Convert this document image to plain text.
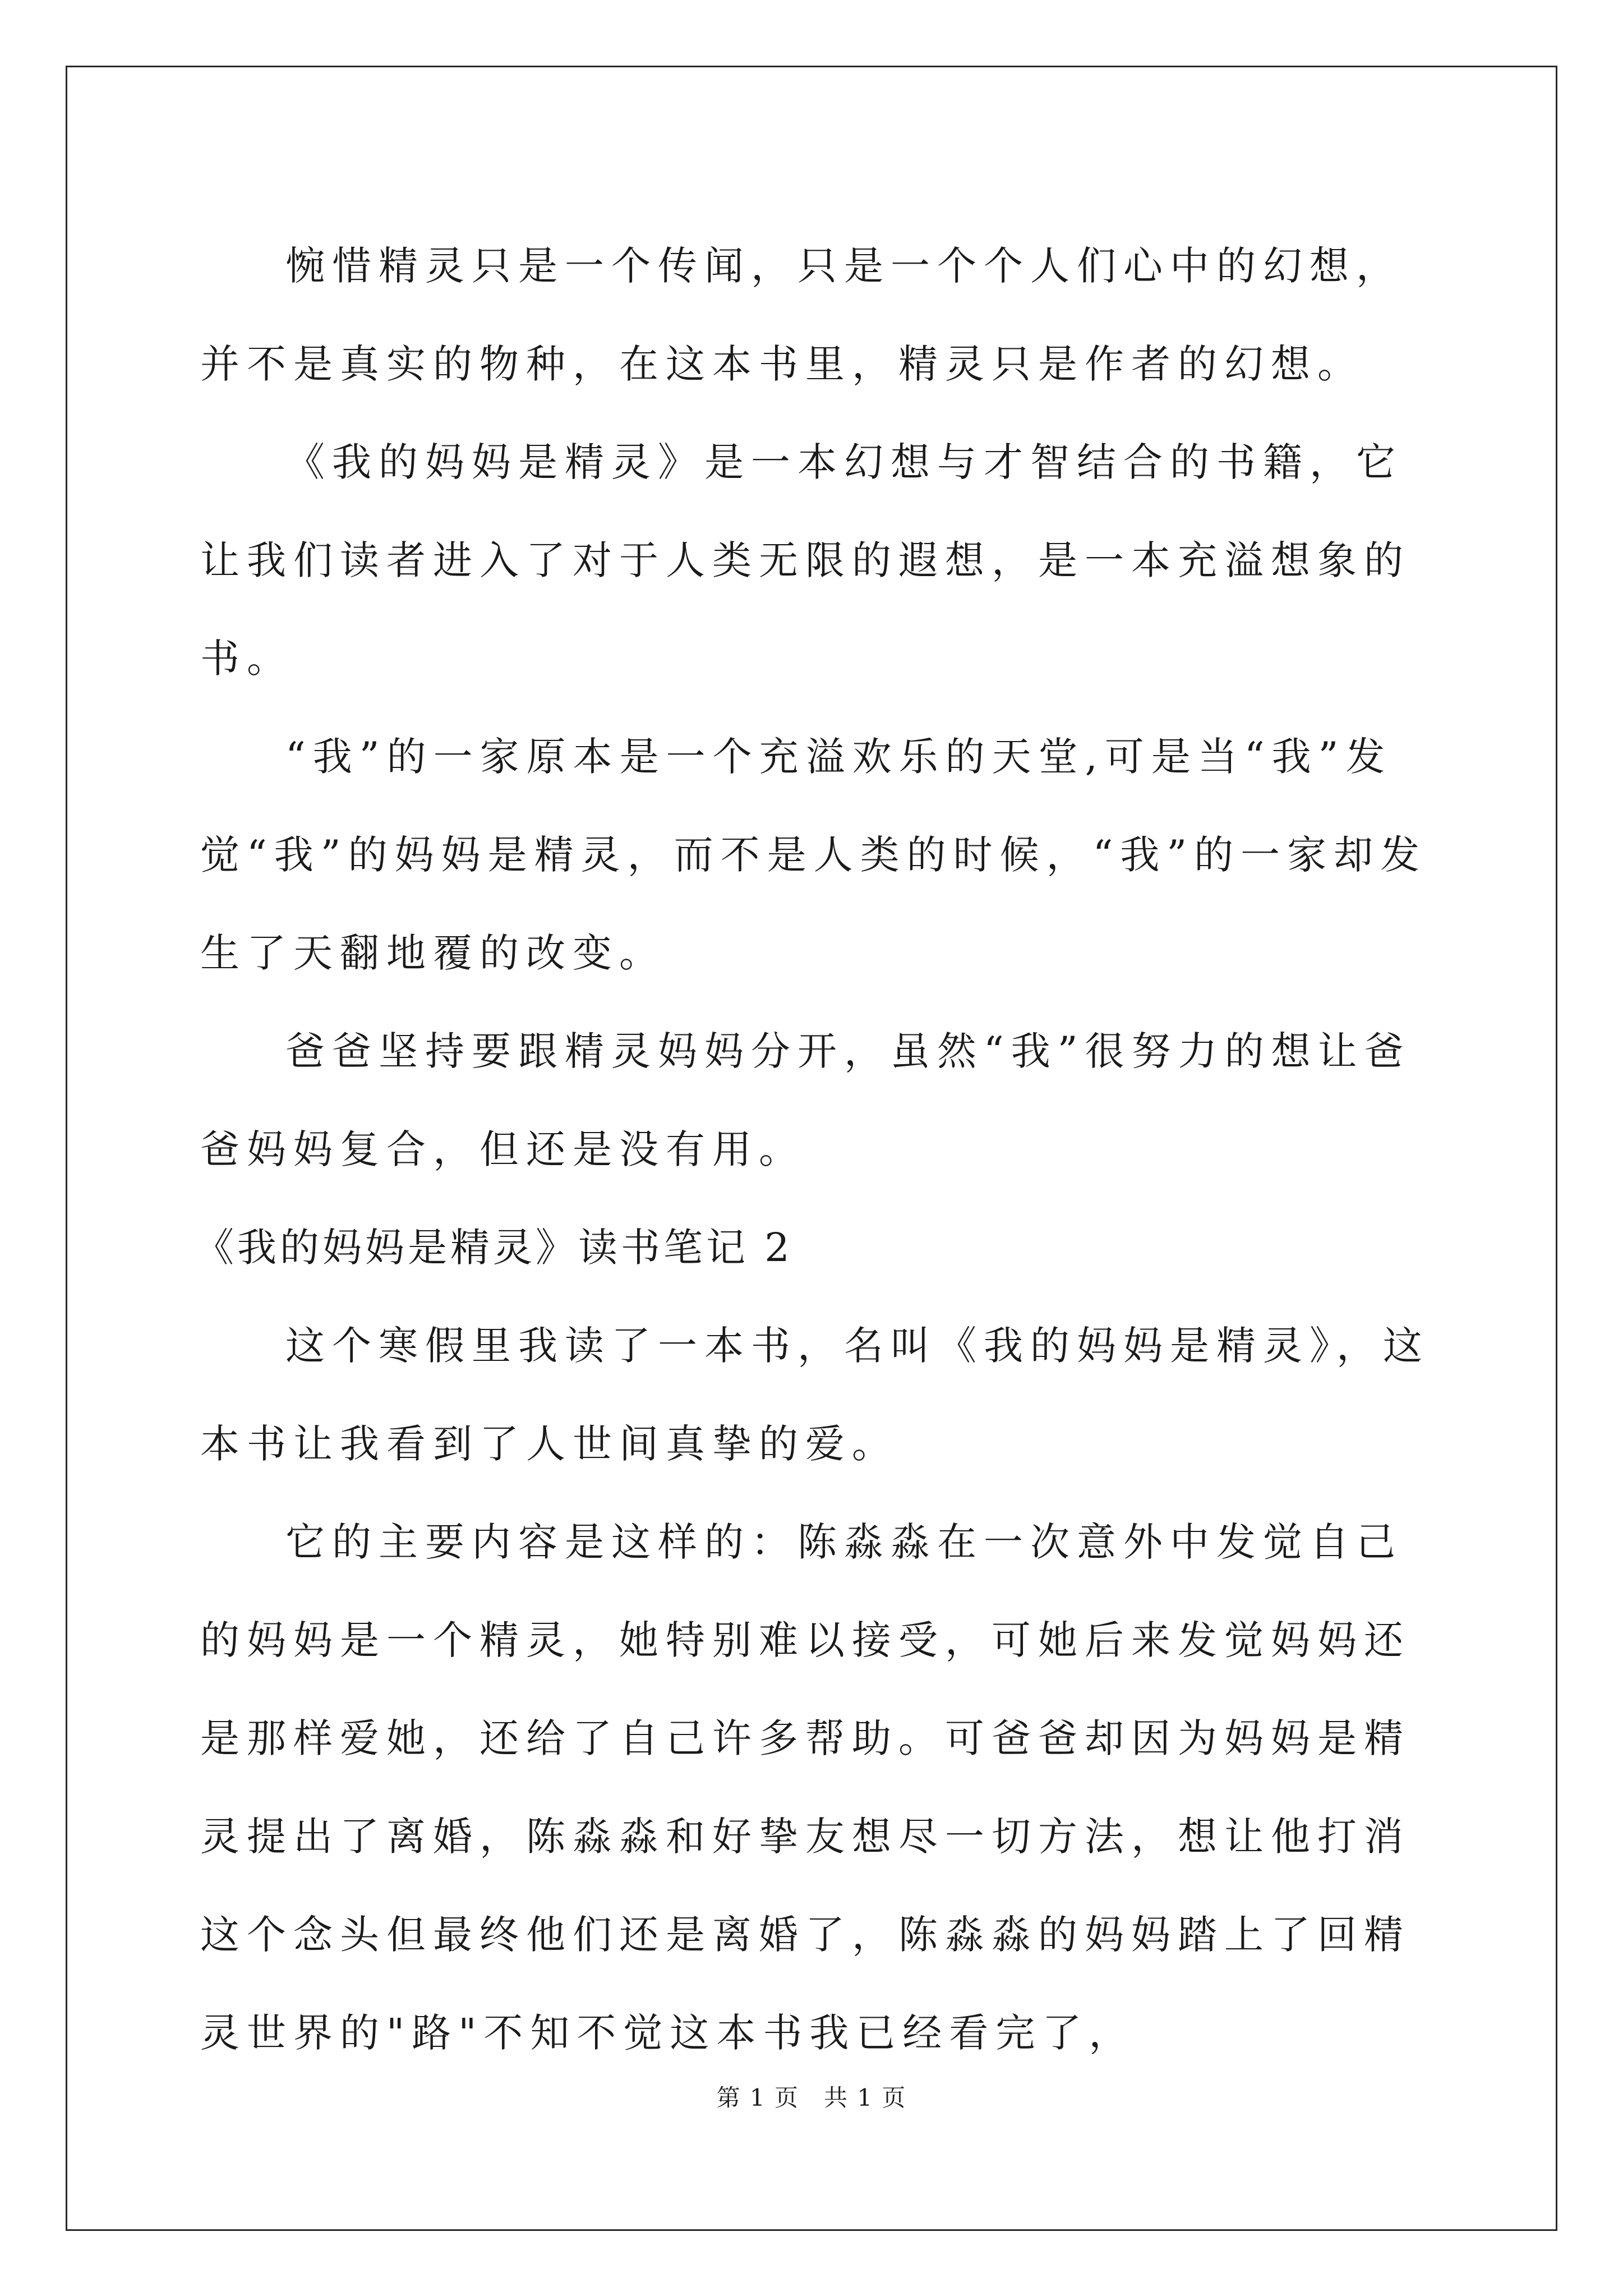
惋惜精灵只是一个传闻，只是一个个人们心中的幻想，并不是真实的物种，在这本书里，精灵只是作者的幻想。

《我的妈妈是精灵》是一本幻想与才智结合的书籍，它让我们读者进入了对于人类无限的遐想，是一本充溢想象的书。

“我”的一家原本是一个充溢欢乐的天堂,可是当“我”发觉“我”的妈妈是精灵，而不是人类的时候，“我”的一家却发生了天翻地覆的改变。

爸爸坚持要跟精灵妈妈分开，虽然“我”很努力的想让爸爸妈妈复合，但还是没有用。

《我的妈妈是精灵》读书笔记 2

这个寒假里我读了一本书，名叫《我的妈妈是精灵》，这本书让我看到了人世间真挚的爱。

它的主要内容是这样的：陈淼淼在一次意外中发觉自己的妈妈是一个精灵，她特别难以接受，可她后来发觉妈妈还是那样爱她，还给了自己许多帮助。可爸爸却因为妈妈是精灵提出了离婚，陈淼淼和好挚友想尽一切方法，想让他打消这个念头但最终他们还是离婚了，陈淼淼的妈妈踏上了回精灵世界的"路"不知不觉这本书我已经看完了，

第 1 页　共 1 页
